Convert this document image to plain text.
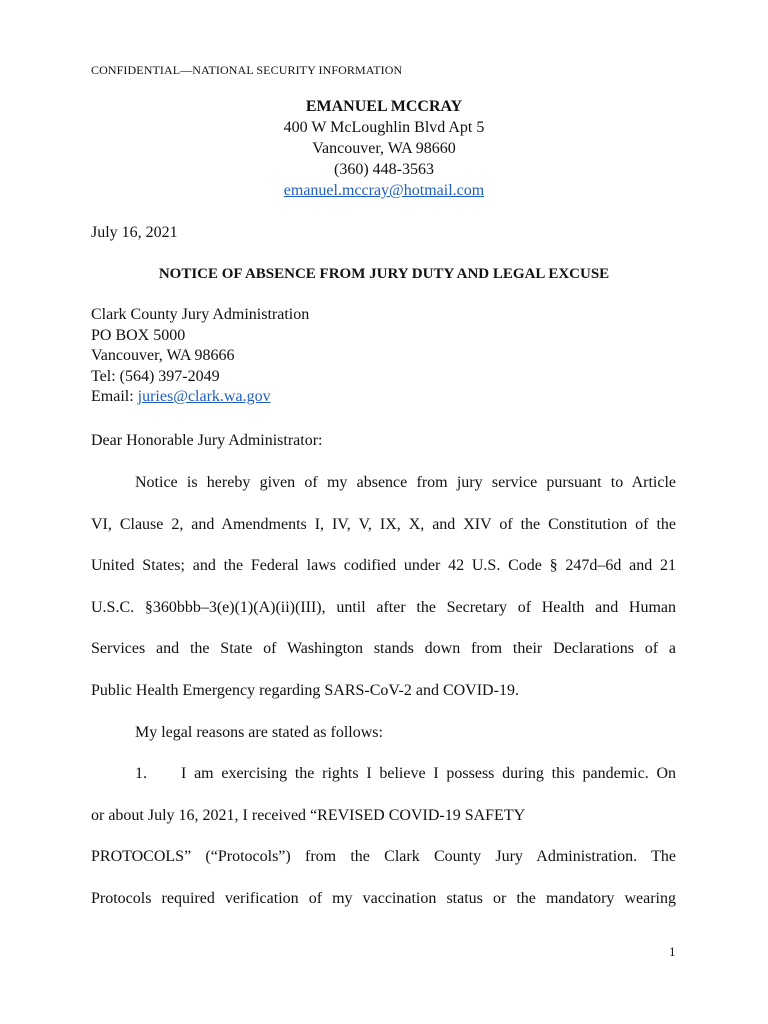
CONFIDENTIAL—NATIONAL SECURITY INFORMATION
EMANUEL MCCRAY
400 W McLoughlin Blvd Apt 5
Vancouver, WA 98660
(360) 448-3563
emanuel.mccray@hotmail.com
July 16, 2021
NOTICE OF ABSENCE FROM JURY DUTY AND LEGAL EXCUSE
Clark County Jury Administration
PO BOX 5000
Vancouver, WA 98666
Tel: (564) 397-2049
Email: juries@clark.wa.gov
Dear Honorable Jury Administrator:
Notice is hereby given of my absence from jury service pursuant to Article
VI, Clause 2, and Amendments I, IV, V, IX, X, and XIV of the Constitution of the
United States; and the Federal laws codified under 42 U.S. Code § 247d–6d and 21
U.S.C. §360bbb–3(e)(1)(A)(ii)(III), until after the Secretary of Health and Human
Services and the State of Washington stands down from their Declarations of a
Public Health Emergency regarding SARS-CoV-2 and COVID-19.
My legal reasons are stated as follows:
1. I am exercising the rights I believe I possess during this pandemic. On
or about July 16, 2021, I received “REVISED COVID-19 SAFETY
PROTOCOLS” (“Protocols”) from the Clark County Jury Administration. The
Protocols required verification of my vaccination status or the mandatory wearing
1
